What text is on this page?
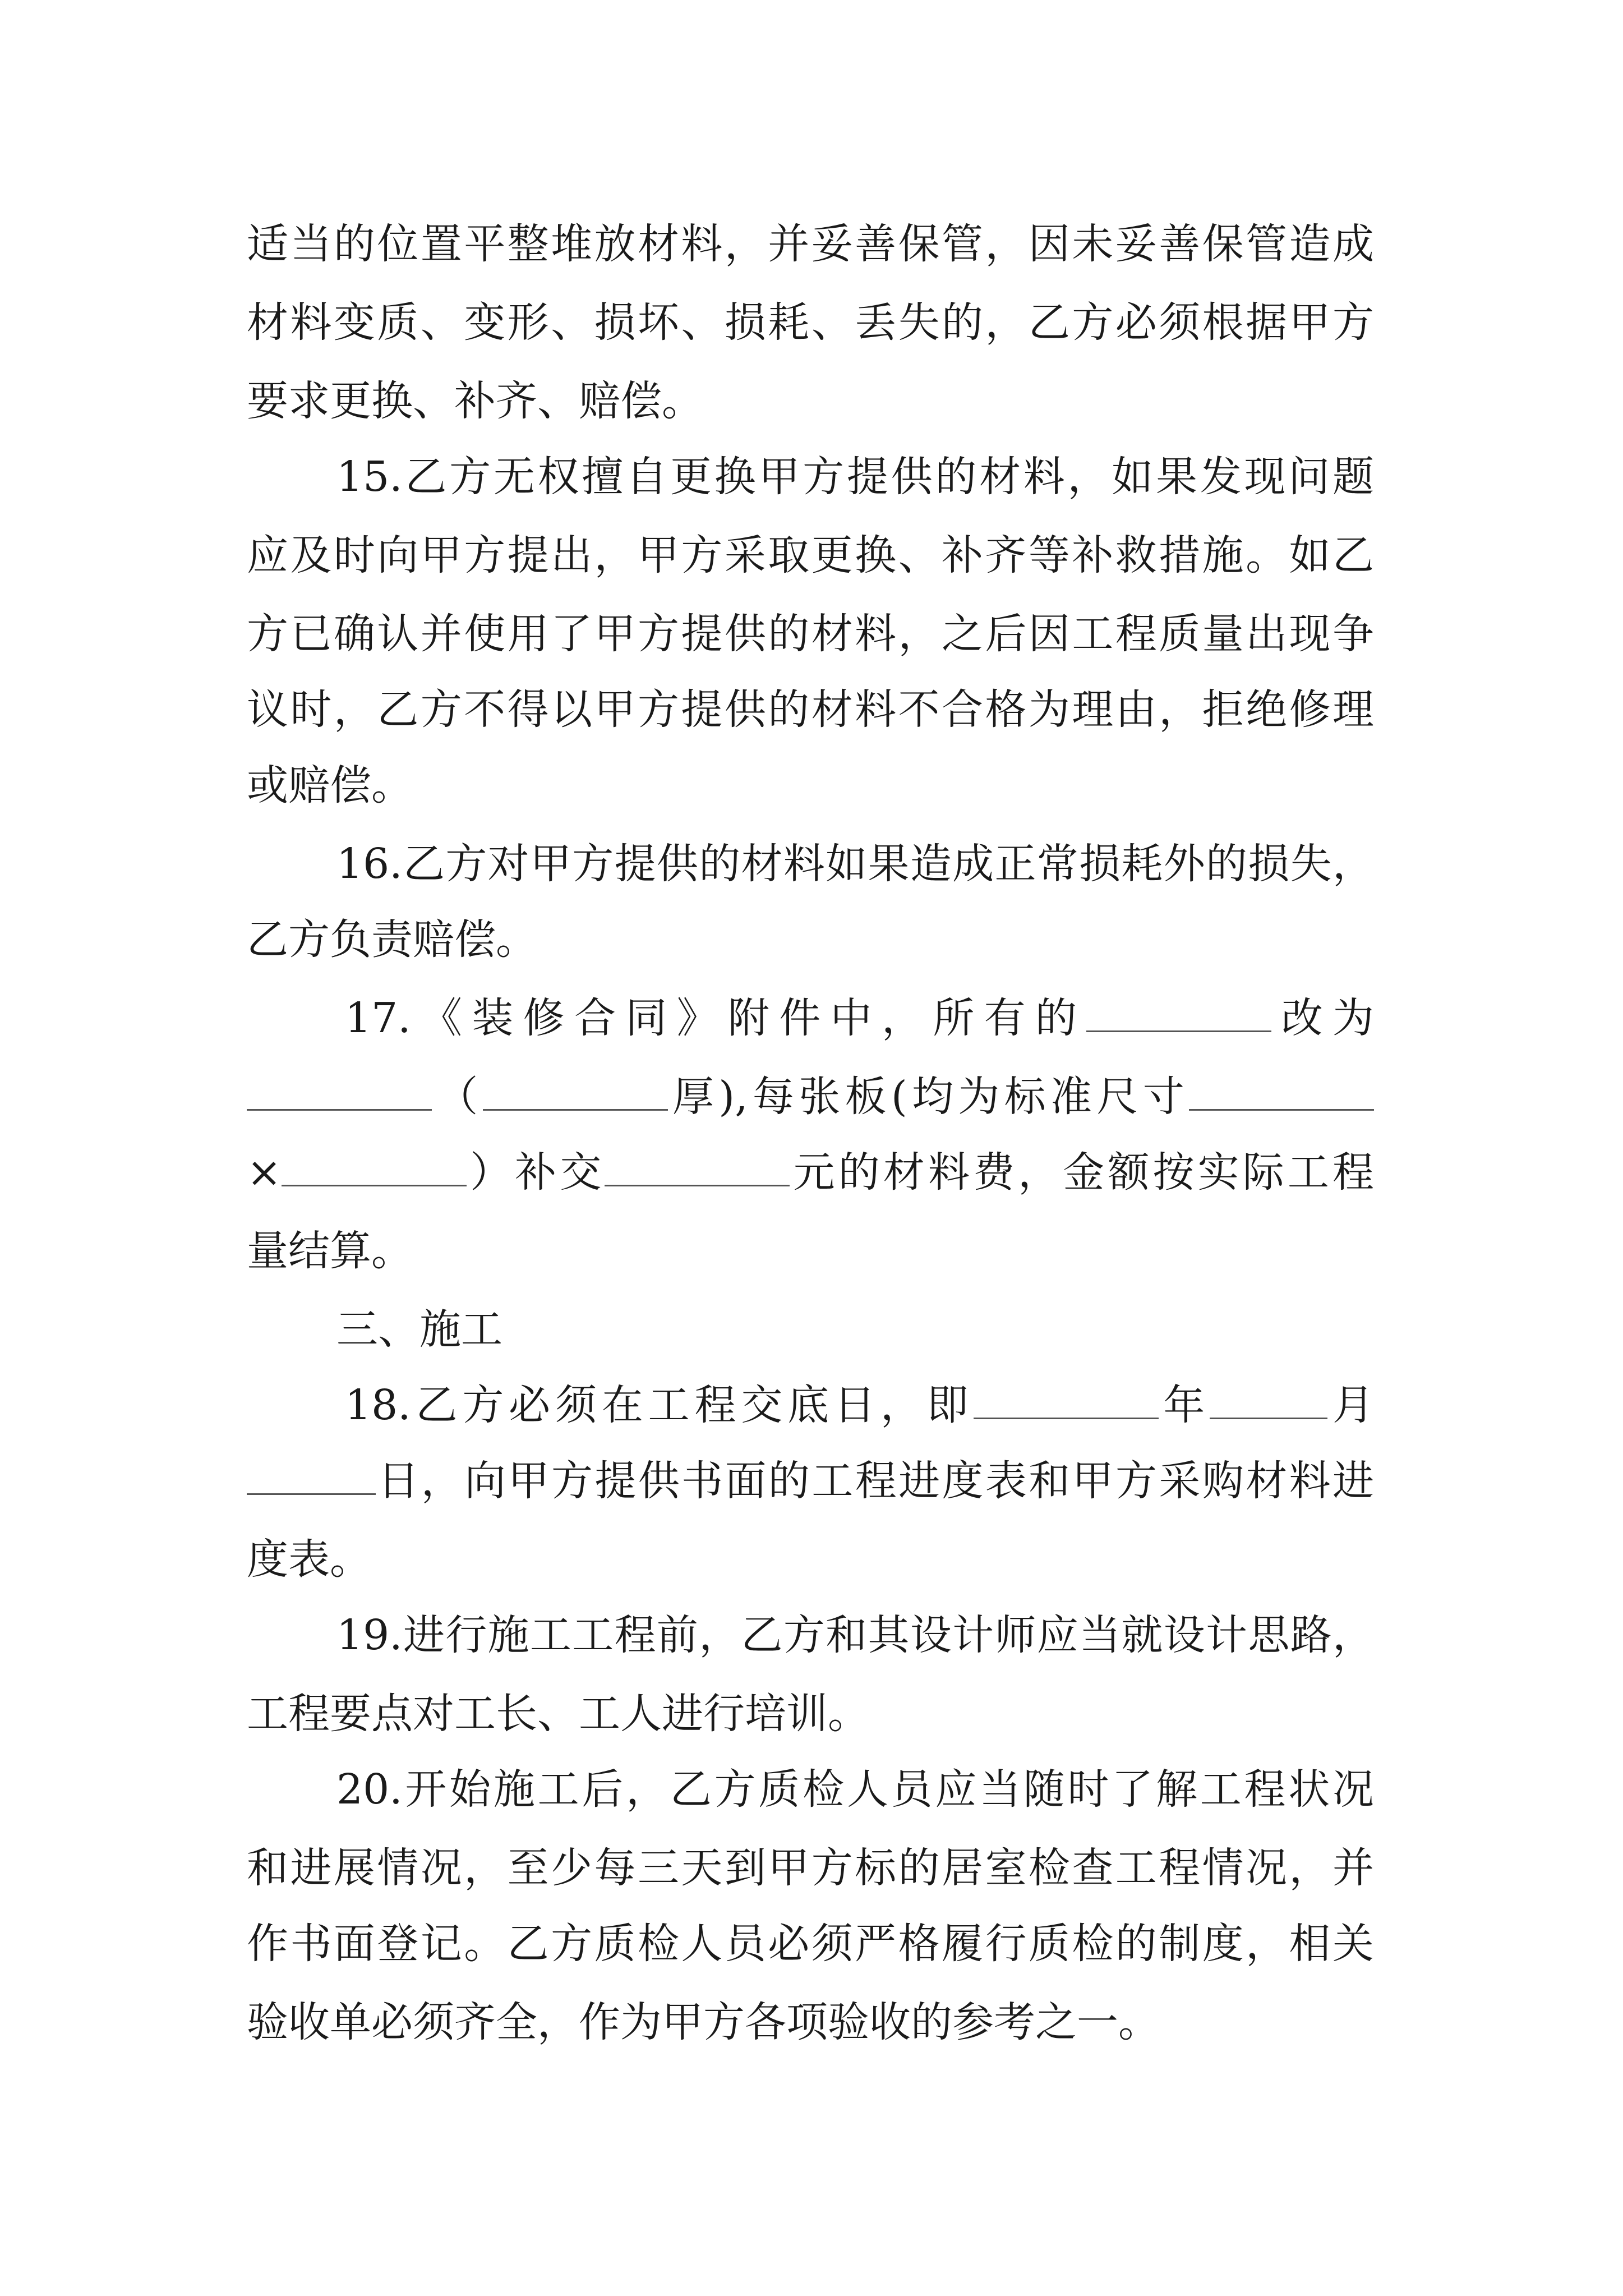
适当的位置平整堆放材料，并妥善保管，因未妥善保管造成
材料变质、变形、损坏、损耗、丢失的，乙方必须根据甲方
要求更换、补齐、赔偿。
15.乙方无权擅自更换甲方提供的材料，如果发现问题
应及时向甲方提出，甲方采取更换、补齐等补救措施。如乙
方已确认并使用了甲方提供的材料，之后因工程质量出现争
议时，乙方不得以甲方提供的材料不合格为理由，拒绝修理
或赔偿。
16.乙方对甲方提供的材料如果造成正常损耗外的损失，
乙方负责赔偿。
17.《装修合同》附件中，所有的	改为
（	厚),每张板(均为标准尺寸
×	）补交	元的材料费，金额按实际工程
量结算。
三、施工
18.乙方必须在工程交底日，即	年	月
日，向甲方提供书面的工程进度表和甲方采购材料进
度表。
19.进行施工工程前，乙方和其设计师应当就设计思路，
工程要点对工长、工人进行培训。
20.开始施工后，乙方质检人员应当随时了解工程状况
和进展情况，至少每三天到甲方标的居室检查工程情况，并
作书面登记。乙方质检人员必须严格履行质检的制度，相关
验收单必须齐全，作为甲方各项验收的参考之一。
